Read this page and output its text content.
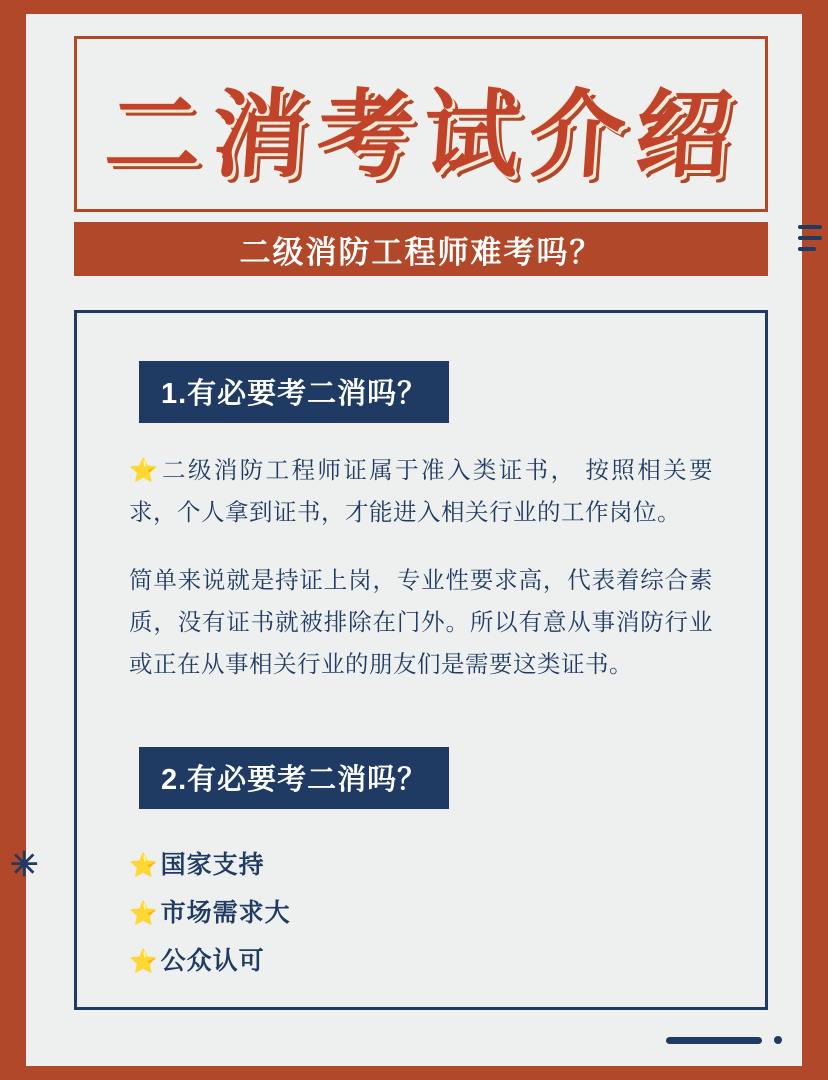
二消考试介绍
二级消防工程师难考吗？
✳
1.有必要考二消吗？

⭐二级消防工程师证属于准入类证书， 按照相关要求，个人拿到证书，才能进入相关行业的工作岗位。

简单来说就是持证上岗，专业性要求高，代表着综合素质，没有证书就被排除在门外。所以有意从事消防行业或正在从事相关行业的朋友们是需要这类证书。

2.有必要考二消吗？
⭐国家支持
⭐市场需求大
⭐公众认可
